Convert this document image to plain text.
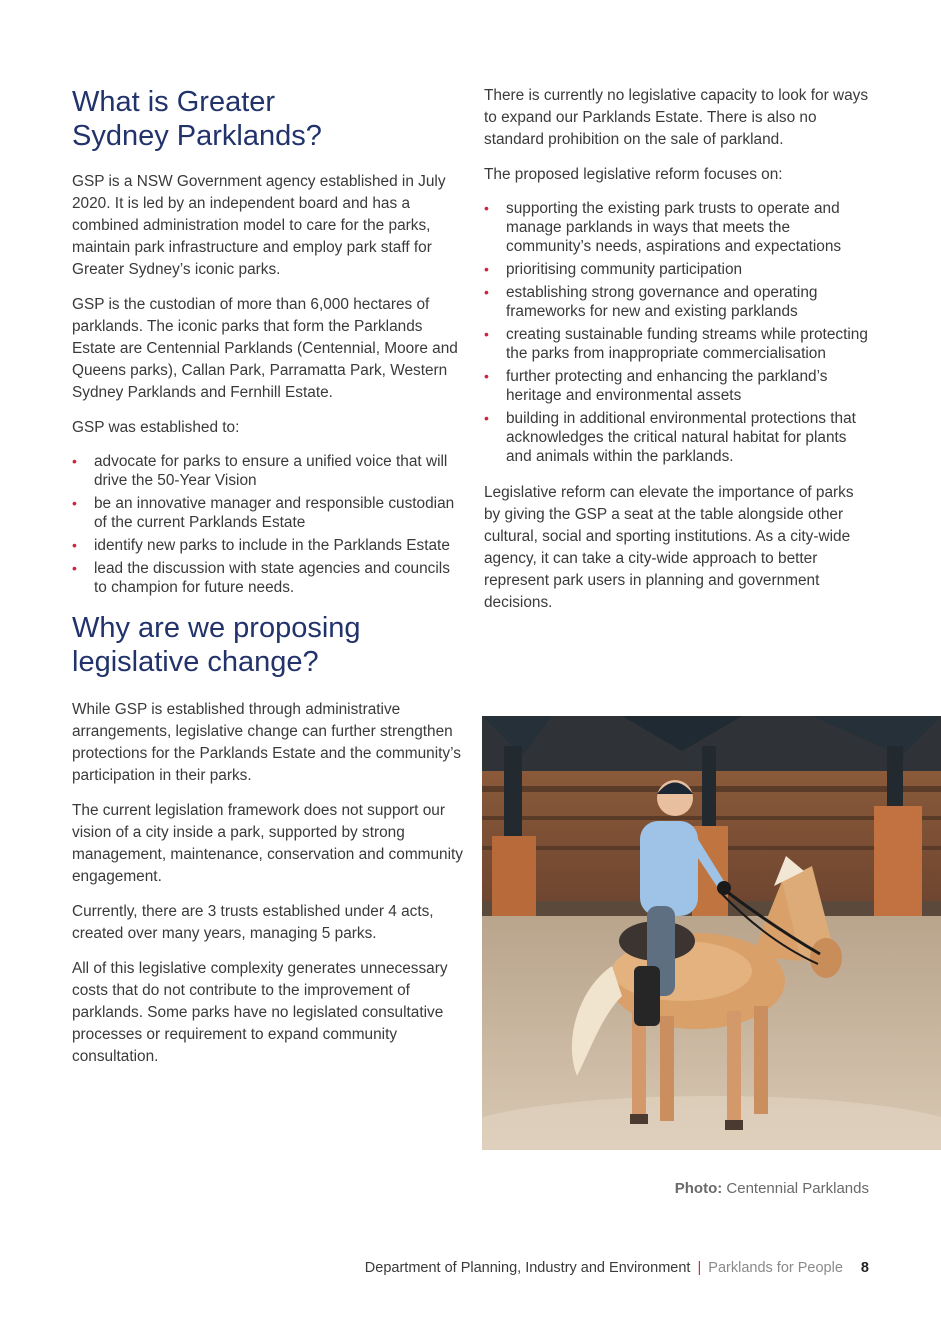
What is Greater
Sydney Parklands?

GSP is a NSW Government agency established in July 2020. It is led by an independent board and has a combined administration model to care for the parks, maintain park infrastructure and employ park staff for Greater Sydney’s iconic parks.

GSP is the custodian of more than 6,000 hectares of parklands. The iconic parks that form the Parklands Estate are Centennial Parklands (Centennial, Moore and Queens parks), Callan Park, Parramatta Park, Western Sydney Parklands and Fernhill Estate.

GSP was established to:

• advocate for parks to ensure a unified voice that will drive the 50-Year Vision
• be an innovative manager and responsible custodian of the current Parklands Estate
• identify new parks to include in the Parklands Estate
• lead the discussion with state agencies and councils to champion for future needs.
Why are we proposing
legislative change?

While GSP is established through administrative arrangements, legislative change can further strengthen protections for the Parklands Estate and the community’s participation in their parks.

The current legislation framework does not support our vision of a city inside a park, supported by strong management, maintenance, conservation and community engagement.

Currently, there are 3 trusts established under 4 acts, created over many years, managing 5 parks.

All of this legislative complexity generates unnecessary costs that do not contribute to the improvement of parklands. Some parks have no legislated consultative processes or requirement to expand community consultation.

There is currently no legislative capacity to look for ways to expand our Parklands Estate. There is also no standard prohibition on the sale of parkland.

The proposed legislative reform focuses on:

• supporting the existing park trusts to operate and manage parklands in ways that meets the community’s needs, aspirations and expectations
• prioritising community participation
• establishing strong governance and operating frameworks for new and existing parklands
• creating sustainable funding streams while protecting the parks from inappropriate commercialisation
• further protecting and enhancing the parkland’s heritage and environmental assets
• building in additional environmental protections that acknowledges the critical natural habitat for plants and animals within the parklands.

Legislative reform can elevate the importance of parks by giving the GSP a seat at the table alongside other cultural, social and sporting institutions. As a city-wide agency, it can take a city-wide approach to better represent park users in planning and government decisions.

Photo: Centennial Parklands
Department of Planning, Industry and Environment | Parklands for People 8
